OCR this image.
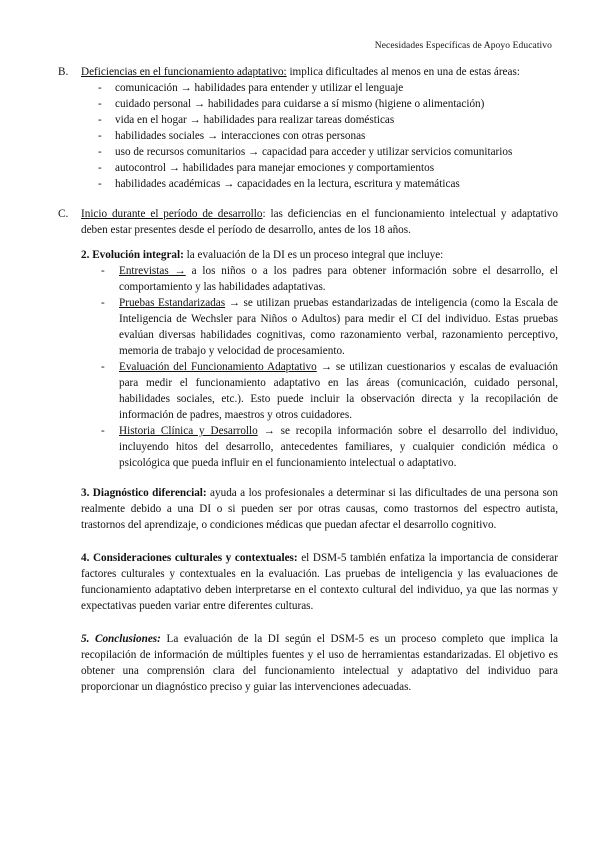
Necesidades Específicas de Apoyo Educativo
B. Deficiencias en el funcionamiento adaptativo: implica dificultades al menos en una de estas áreas:
- comunicación → habilidades para entender y utilizar el lenguaje
- cuidado personal → habilidades para cuidarse a sí mismo (higiene o alimentación)
- vida en el hogar → habilidades para realizar tareas domésticas
- habilidades sociales → interacciones con otras personas
- uso de recursos comunitarios → capacidad para acceder y utilizar servicios comunitarios
- autocontrol → habilidades para manejar emociones y comportamientos
- habilidades académicas → capacidades en la lectura, escritura y matemáticas
C. Inicio durante el período de desarrollo: las deficiencias en el funcionamiento intelectual y adaptativo deben estar presentes desde el período de desarrollo, antes de los 18 años.
2. Evolución integral: la evaluación de la DI es un proceso integral que incluye:
- Entrevistas → a los niños o a los padres para obtener información sobre el desarrollo, el comportamiento y las habilidades adaptativas.
- Pruebas Estandarizadas → se utilizan pruebas estandarizadas de inteligencia (como la Escala de Inteligencia de Wechsler para Niños o Adultos) para medir el CI del individuo. Estas pruebas evalúan diversas habilidades cognitivas, como razonamiento verbal, razonamiento perceptivo, memoria de trabajo y velocidad de procesamiento.
- Evaluación del Funcionamiento Adaptativo → se utilizan cuestionarios y escalas de evaluación para medir el funcionamiento adaptativo en las áreas (comunicación, cuidado personal, habilidades sociales, etc.). Esto puede incluir la observación directa y la recopilación de información de padres, maestros y otros cuidadores.
- Historia Clínica y Desarrollo → se recopila información sobre el desarrollo del individuo, incluyendo hitos del desarrollo, antecedentes familiares, y cualquier condición médica o psicológica que pueda influir en el funcionamiento intelectual o adaptativo.
3. Diagnóstico diferencial: ayuda a los profesionales a determinar si las dificultades de una persona son realmente debido a una DI o si pueden ser por otras causas, como trastornos del espectro autista, trastornos del aprendizaje, o condiciones médicas que puedan afectar el desarrollo cognitivo.
4. Consideraciones culturales y contextuales: el DSM-5 también enfatiza la importancia de considerar factores culturales y contextuales en la evaluación. Las pruebas de inteligencia y las evaluaciones de funcionamiento adaptativo deben interpretarse en el contexto cultural del individuo, ya que las normas y expectativas pueden variar entre diferentes culturas.
5. Conclusiones: La evaluación de la DI según el DSM-5 es un proceso completo que implica la recopilación de información de múltiples fuentes y el uso de herramientas estandarizadas. El objetivo es obtener una comprensión clara del funcionamiento intelectual y adaptativo del individuo para proporcionar un diagnóstico preciso y guiar las intervenciones adecuadas.
